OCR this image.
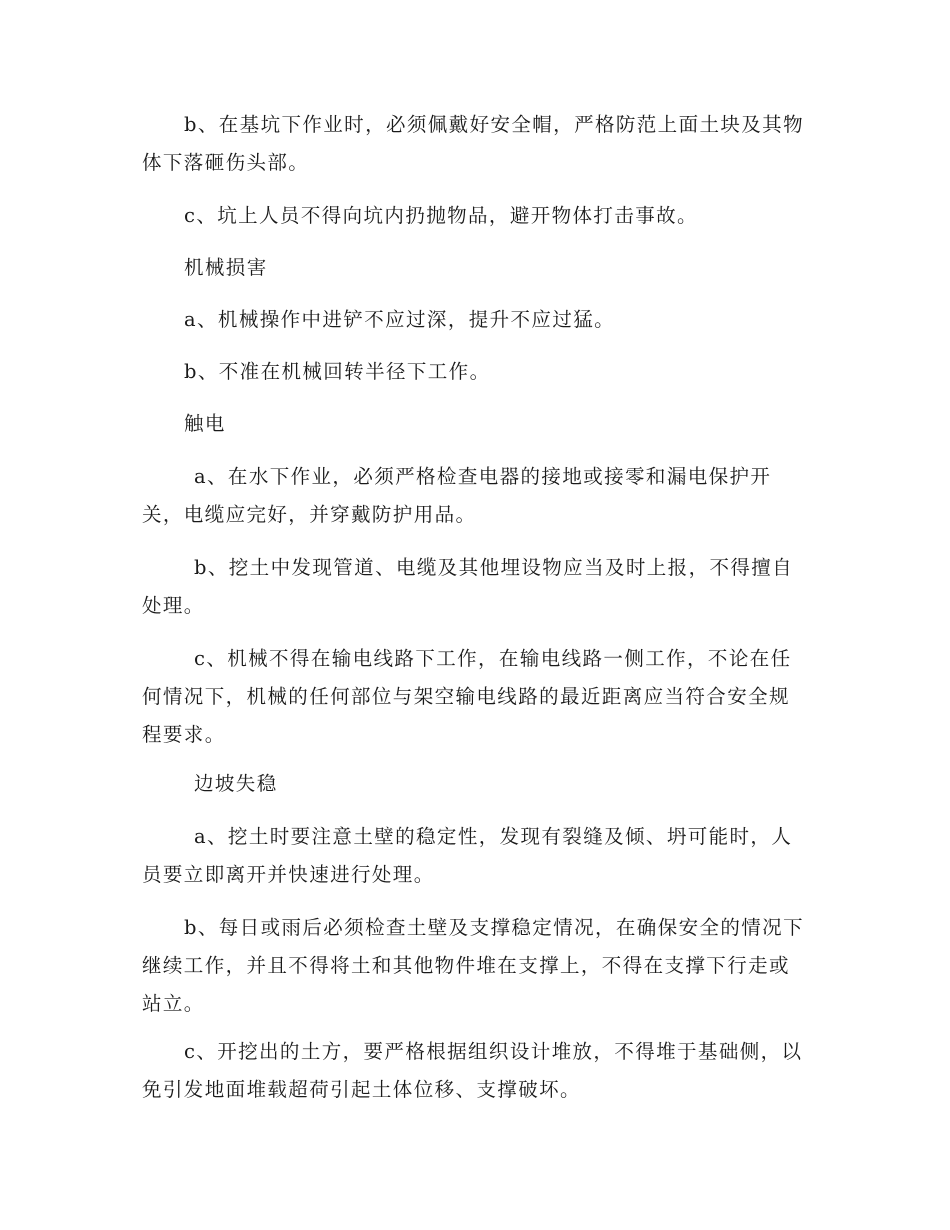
b、在基坑下作业时，必须佩戴好安全帽，严格防范上面土块及其物体下落砸伤头部。

c、坑上人员不得向坑内扔抛物品，避开物体打击事故。

机械损害

a、机械操作中进铲不应过深，提升不应过猛。

b、不准在机械回转半径下工作。

触电

a、在水下作业，必须严格检查电器的接地或接零和漏电保护开关，电缆应完好，并穿戴防护用品。

b、挖土中发现管道、电缆及其他埋设物应当及时上报，不得擅自处理。

c、机械不得在输电线路下工作，在输电线路一侧工作，不论在任何情况下，机械的任何部位与架空输电线路的最近距离应当符合安全规程要求。

边坡失稳

a、挖土时要注意土壁的稳定性，发现有裂缝及倾、坍可能时，人员要立即离开并快速进行处理。

b、每日或雨后必须检查土壁及支撑稳定情况，在确保安全的情况下继续工作，并且不得将土和其他物件堆在支撑上，不得在支撑下行走或站立。

c、开挖出的土方，要严格根据组织设计堆放，不得堆于基础侧，以免引发地面堆载超荷引起土体位移、支撑破坏。
